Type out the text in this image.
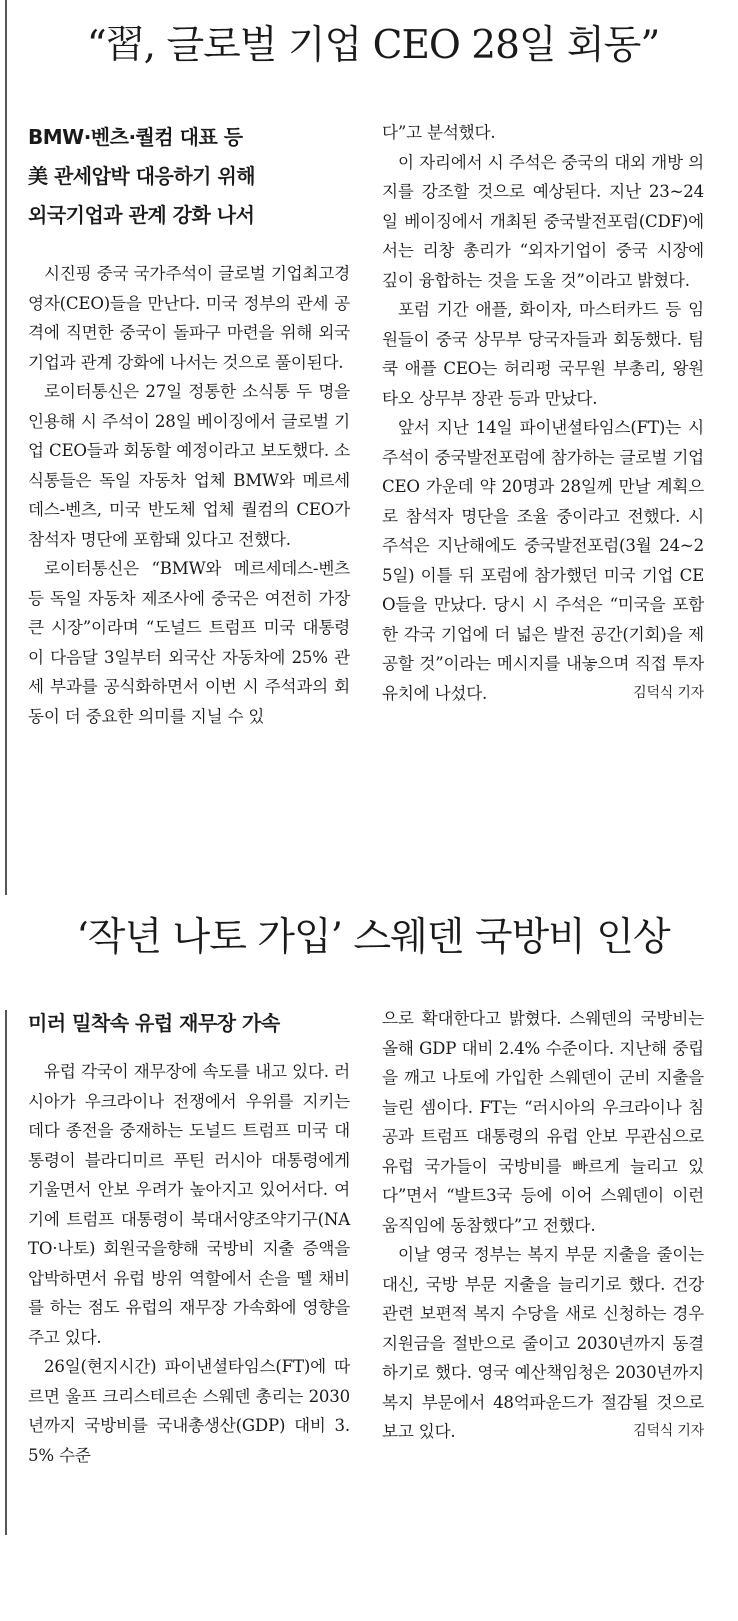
“習, 글로벌 기업 CEO 28일 회동”
BMW·벤츠·퀄컴 대표 등
美 관세압박 대응하기 위해
외국기업과 관계 강화 나서

시진핑 중국 국가주석이 글로벌 기업최고경영자(CEO)들을 만난다. 미국 정부의 관세 공격에 직면한 중국이 돌파구 마련을 위해 외국 기업과 관계 강화에 나서는 것으로 풀이된다.

로이터통신은 27일 정통한 소식통 두 명을 인용해 시 주석이 28일 베이징에서 글로벌 기업 CEO들과 회동할 예정이라고 보도했다. 소식통들은 독일 자동차 업체 BMW와 메르세데스-벤츠, 미국 반도체 업체 퀄컴의 CEO가 참석자 명단에 포함돼 있다고 전했다.

로이터통신은 “BMW와 메르세데스-벤츠 등 독일 자동차 제조사에 중국은 여전히 가장 큰 시장”이라며 “도널드 트럼프 미국 대통령이 다음달 3일부터 외국산 자동차에 25% 관세 부과를 공식화하면서 이번 시 주석과의 회동이 더 중요한 의미를 지닐 수 있

다”고 분석했다.

이 자리에서 시 주석은 중국의 대외 개방 의지를 강조할 것으로 예상된다. 지난 23~24일 베이징에서 개최된 중국발전포럼(CDF)에서는 리창 총리가 “외자기업이 중국 시장에 깊이 융합하는 것을 도울 것”이라고 밝혔다.

포럼 기간 애플, 화이자, 마스터카드 등 임원들이 중국 상무부 당국자들과 회동했다. 팀 쿡 애플 CEO는 허리펑 국무원 부총리, 왕원타오 상무부 장관 등과 만났다.

앞서 지난 14일 파이낸셜타임스(FT)는 시 주석이 중국발전포럼에 참가하는 글로벌 기업 CEO 가운데 약 20명과 28일께 만날 계획으로 참석자 명단을 조율 중이라고 전했다. 시 주석은 지난해에도 중국발전포럼(3월 24~25일) 이틀 뒤 포럼에 참가했던 미국 기업 CEO들을 만났다. 당시 시 주석은 “미국을 포함한 각국 기업에 더 넓은 발전 공간(기회)을 제공할 것”이라는 메시지를 내놓으며 직접 투자 유치에 나섰다.	김덕식 기자

‘작년 나토 가입’ 스웨덴 국방비 인상
미러 밀착속 유럽 재무장 가속

유럽 각국이 재무장에 속도를 내고 있다. 러시아가 우크라이나 전쟁에서 우위를 지키는 데다 종전을 중재하는 도널드 트럼프 미국 대통령이 블라디미르 푸틴 러시아 대통령에게 기울면서 안보 우려가 높아지고 있어서다. 여기에 트럼프 대통령이 북대서양조약기구(NATO·나토) 회원국을향해 국방비 지출 증액을 압박하면서 유럽 방위 역할에서 손을 뗄 채비를 하는 점도 유럽의 재무장 가속화에 영향을 주고 있다.

26일(현지시간) 파이낸셜타임스(FT)에 따르면 울프 크리스테르손 스웨덴 총리는 2030년까지 국방비를 국내총생산(GDP) 대비 3.5% 수준

으로 확대한다고 밝혔다. 스웨덴의 국방비는 올해 GDP 대비 2.4% 수준이다. 지난해 중립을 깨고 나토에 가입한 스웨덴이 군비 지출을 늘린 셈이다. FT는 “러시아의 우크라이나 침공과 트럼프 대통령의 유럽 안보 무관심으로 유럽 국가들이 국방비를 빠르게 늘리고 있다”면서 “발트3국 등에 이어 스웨덴이 이런 움직임에 동참했다”고 전했다.

이날 영국 정부는 복지 부문 지출을 줄이는 대신, 국방 부문 지출을 늘리기로 했다. 건강 관련 보편적 복지 수당을 새로 신청하는 경우 지원금을 절반으로 줄이고 2030년까지 동결하기로 했다. 영국 예산책임청은 2030년까지 복지 부문에서 48억파운드가 절감될 것으로 보고 있다.	김덕식 기자
